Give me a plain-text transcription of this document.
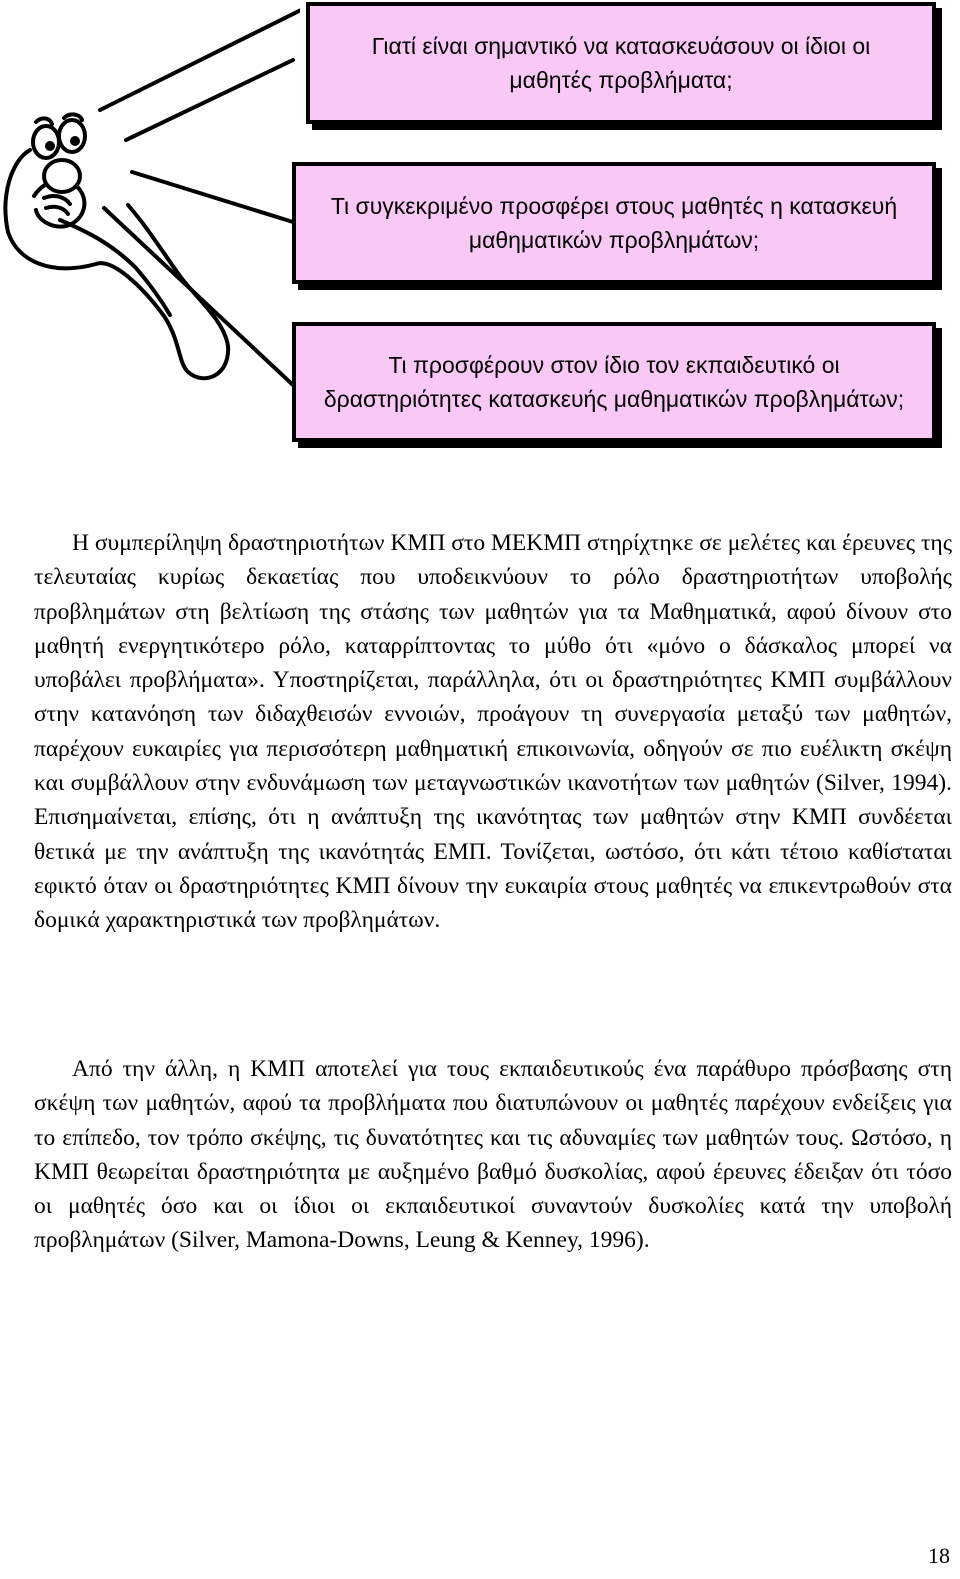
Γιατί είναι σημαντικό να κατασκευάσουν οι ίδιοι οι μαθητές προβλήματα;
Τι συγκεκριμένο προσφέρει στους μαθητές η κατασκευή μαθηματικών προβλημάτων;
Τι προσφέρουν στον ίδιο τον εκπαιδευτικό οι δραστηριότητες κατασκευής μαθηματικών προβλημάτων;

Η συμπερίληψη δραστηριοτήτων ΚΜΠ στο ΜΕΚΜΠ στηρίχτηκε σε μελέτες και έρευνες της τελευταίας κυρίως δεκαετίας που υποδεικνύουν το ρόλο δραστηριοτήτων υποβολής προβλημάτων στη βελτίωση της στάσης των μαθητών για τα Μαθηματικά, αφού δίνουν στο μαθητή ενεργητικότερο ρόλο, καταρρίπτοντας το μύθο ότι «μόνο ο δάσκαλος μπορεί να υποβάλει προβλήματα». Υποστηρίζεται, παράλληλα, ότι οι δραστηριότητες ΚΜΠ συμβάλλουν στην κατανόηση των διδαχθεισών εννοιών, προάγουν τη συνεργασία μεταξύ των μαθητών, παρέχουν ευκαιρίες για περισσότερη μαθηματική επικοινωνία, οδηγούν σε πιο ευέλικτη σκέψη και συμβάλλουν στην ενδυνάμωση των μεταγνωστικών ικανοτήτων των μαθητών (Silver, 1994). Επισημαίνεται, επίσης, ότι η ανάπτυξη της ικανότητας των μαθητών στην ΚΜΠ συνδέεται θετικά με την ανάπτυξη της ικανότητάς ΕΜΠ. Τονίζεται, ωστόσο, ότι κάτι τέτοιο καθίσταται εφικτό όταν οι δραστηριότητες ΚΜΠ δίνουν την ευκαιρία στους μαθητές να επικεντρωθούν στα δομικά χαρακτηριστικά των προβλημάτων.

Από την άλλη, η ΚΜΠ αποτελεί για τους εκπαιδευτικούς ένα παράθυρο πρόσβασης στη σκέψη των μαθητών, αφού τα προβλήματα που διατυπώνουν οι μαθητές παρέχουν ενδείξεις για το επίπεδο, τον τρόπο σκέψης, τις δυνατότητες και τις αδυναμίες των μαθητών τους. Ωστόσο, η ΚΜΠ θεωρείται δραστηριότητα με αυξημένο βαθμό δυσκολίας, αφού έρευνες έδειξαν ότι τόσο οι μαθητές όσο και οι ίδιοι οι εκπαιδευτικοί συναντούν δυσκολίες κατά την υποβολή προβλημάτων (Silver, Mamona-Downs, Leung & Kenney, 1996).

18
